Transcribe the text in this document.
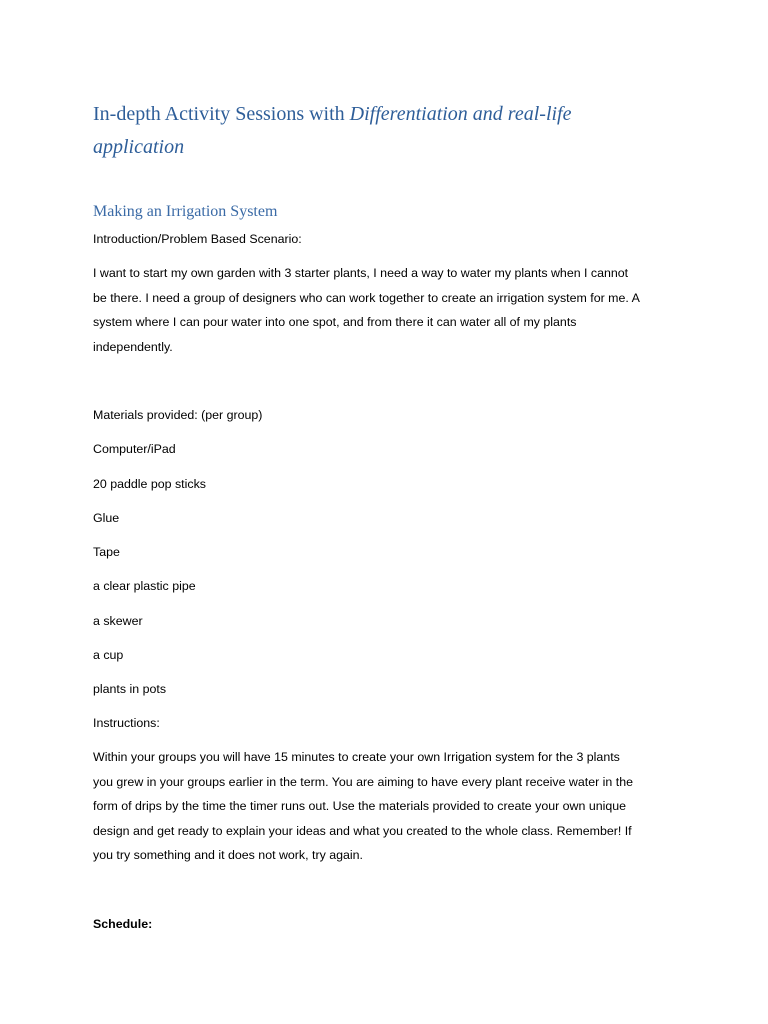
In-depth Activity Sessions with Differentiation and real-life
application
Making an Irrigation System

Introduction/Problem Based Scenario:

I want to start my own garden with 3 starter plants, I need a way to water my plants when I cannot
be there. I need a group of designers who can work together to create an irrigation system for me. A
system where I can pour water into one spot, and from there it can water all of my plants
independently.

Materials provided: (per group)

Computer/iPad

20 paddle pop sticks

Glue

Tape

a clear plastic pipe

a skewer

a cup

plants in pots

Instructions:

Within your groups you will have 15 minutes to create your own Irrigation system for the 3 plants
you grew in your groups earlier in the term. You are aiming to have every plant receive water in the
form of drips by the time the timer runs out. Use the materials provided to create your own unique
design and get ready to explain your ideas and what you created to the whole class. Remember! If
you try something and it does not work, try again.

Schedule:
